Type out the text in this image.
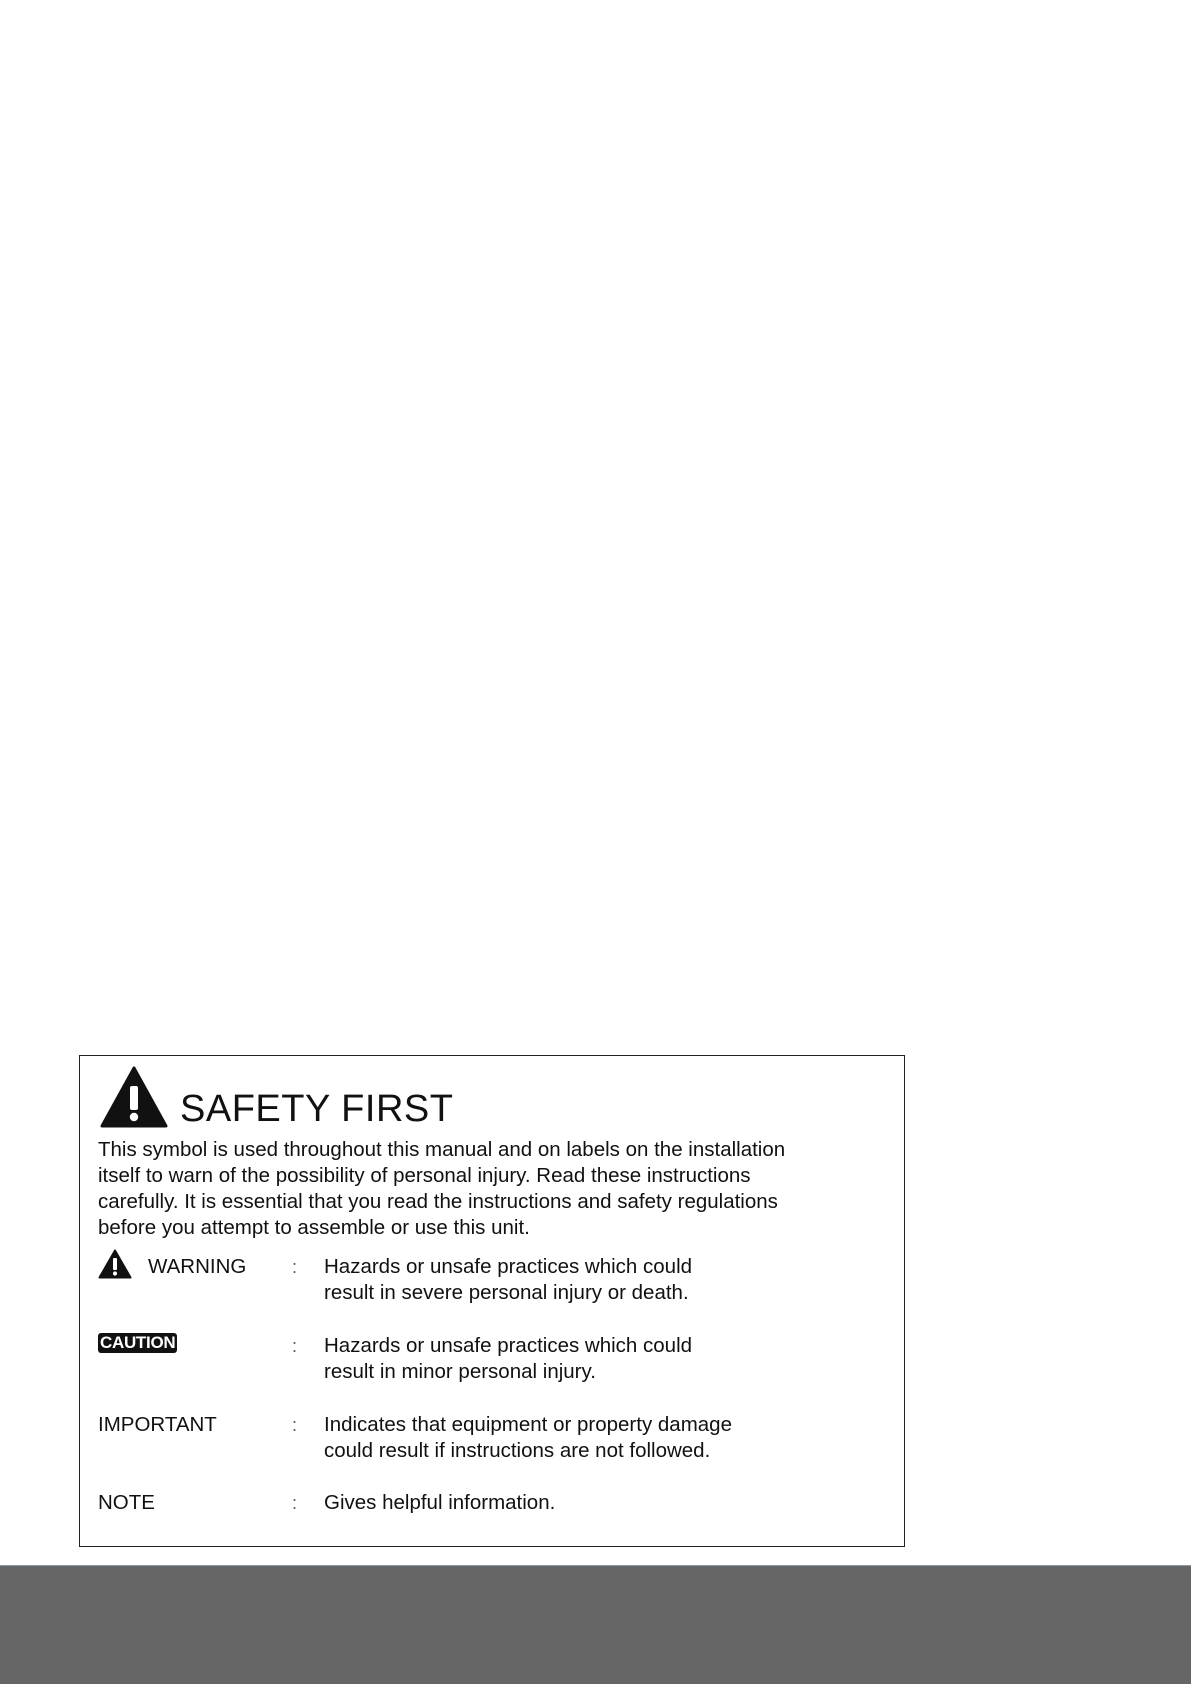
SAFETY FIRST
This symbol is used throughout this manual and on labels on the installation
itself to warn of the possibility of personal injury. Read these instructions
carefully. It is essential that you read the instructions and safety regulations
before you attempt to assemble or use this unit.
WARNING	: Hazards or unsafe practices which could
result in severe personal injury or death.
CAUTION	: Hazards or unsafe practices which could
result in minor personal injury.
IMPORTANT	: Indicates that equipment or property damage
could result if instructions are not followed.
NOTE	: Gives helpful information.
